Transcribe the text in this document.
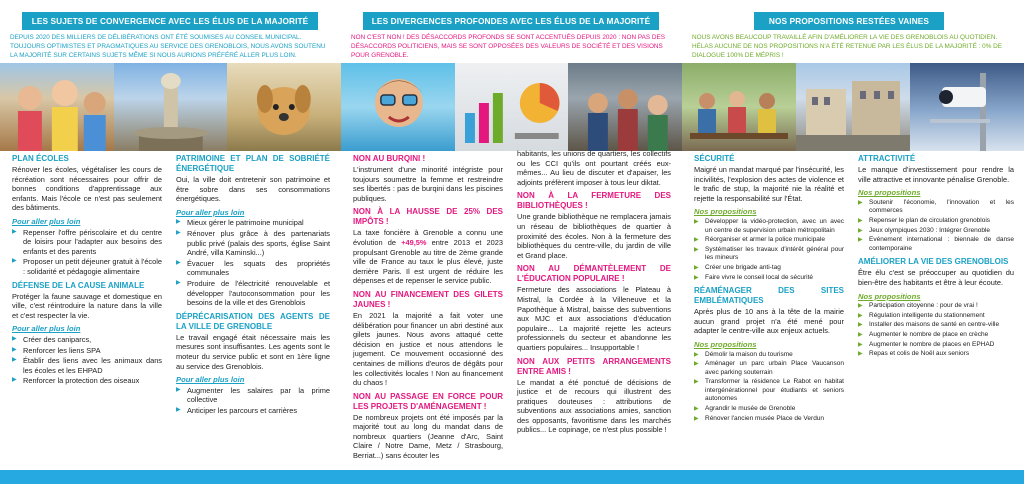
LES SUJETS DE CONVERGENCE AVEC LES ÉLUS DE LA MAJORITÉ
DEPUIS 2020 DES MILLIERS DE DÉLIBÉRATIONS ONT ÉTÉ SOUMISES AU CONSEIL MUNICIPAL. TOUJOURS OPTIMISTES ET PRAGMATIQUES AU SERVICE DES GRENOBLOIS, NOUS AVONS SOUTENU LA MAJORITÉ SUR CERTAINS SUJETS MÊME SI NOUS AURIONS PRÉFÉRÉ ALLER PLUS LOIN.
PLAN ÉCOLES

Rénover les écoles, végétaliser les cours de récréation sont nécessaires pour offrir de bonnes conditions d'apprentissage aux enfants. Mais l'école ce n'est pas seulement des bâtiments.

Pour aller plus loin
▶ Repenser l'offre périscolaire et du centre de loisirs pour l'adapter aux besoins des enfants et des parents
▶ Proposer un petit déjeuner gratuit à l'école : solidarité et pédagogie alimentaire
DÉFENSE DE LA CAUSE ANIMALE

Protéger la faune sauvage et domestique en ville, c'est réintroduire la nature dans la ville et c'est respecter la vie.

Pour aller plus loin
▶ Créer des caniparcs,
▶ Renforcer les liens SPA
▶ Établir des liens avec les animaux dans les écoles et les EHPAD
▶ Renforcer la protection des oiseaux
PATRIMOINE ET PLAN DE SOBRIÉTÉ ÉNERGÉTIQUE

Oui, la ville doit entretenir son patrimoine et être sobre dans ses consommations énergétiques.

Pour aller plus loin
▶ Mieux gérer le patrimoine municipal
▶ Rénover plus grâce à des partenariats public privé (palais des sports, église Saint André, villa Kaminski...)
▶ Évacuer les squats des propriétés communales
▶ Produire de l'électricité renouvelable et développer l'autoconsommation pour les besoins de la ville et des Grenoblois
DÉPRÉCARISATION DES AGENTS DE LA VILLE DE GRENOBLE

Le travail engagé était nécessaire mais les mesures sont insuffisantes. Les agents sont le moteur du service public et sont en 1ère ligne au service des Grenoblois.

Pour aller plus loin
▶ Augmenter les salaires par la prime collective
▶ Anticiper les parcours et carrières
LES DIVERGENCES PROFONDES AVEC LES ÉLUS DE LA MAJORITÉ
NON C'EST NON ! DES DÉSACCORDS PROFONDS SE SONT ACCENTUÉS DEPUIS 2020 : NON PAS DES DÉSACCORDS POLITICIENS, MAIS SE SONT OPPOSÉES DES VALEURS DE SOCIÉTÉ ET DES VISIONS POUR GRENOBLE.
NON AU BURQINI !

L'instrument d'une minorité intégriste pour toujours soumettre la femme et restreindre ses libertés : pas de burqini dans les piscines publiques.

NON À LA HAUSSE DE 25% DES IMPÔTS !

La taxe foncière à Grenoble a connu une évolution de +49,5% entre 2013 et 2023 propulsant Grenoble au titre de 2ème grande ville de France au taux le plus élevé, juste derrière Paris. Il est urgent de réduire les dépenses et de repenser le service public.

NON AU FINANCEMENT DES GILETS JAUNES !

En 2021 la majorité a fait voter une délibération pour financer un abri destiné aux gilets jaunes. Nous avons attaqué cette décision en justice et nous attendons le jugement. Ce mouvement occasionné des centaines de millions d'euros de dégâts pour les collectivités locales ! Non au financement du chaos !

NON AU PASSAGE EN FORCE POUR LES PROJETS D'AMÉNAGEMENT !

De nombreux projets ont été imposés par la majorité tout au long du mandat dans de nombreux quartiers (Jeanne d'Arc, Saint Claire / Notre Dame, Metz / Strasbourg, Berriat...) sans écouter les

habitants, les unions de quartiers, les collectifs ou les CCI qu'ils ont pourtant créés eux-mêmes... Au lieu de discuter et d'apaiser, les adjoints préfèrent imposer à tous leur diktat.

NON À LA FERMETURE DES BIBLIOTHÈQUES !

Une grande bibliothèque ne remplacera jamais un réseau de bibliothèques de quartier à proximité des écoles. Non à la fermeture des bibliothèques du centre-ville, du jardin de ville et Grand place.

NON AU DÉMANTÈLEMENT DE L'ÉDUCATION POPULAIRE !

Fermeture des associations le Plateau à Mistral, la Cordée à la Villeneuve et la Papothèque à Mistral, baisse des subventions aux MJC et aux associations d'éducation populaire... La majorité rejette les acteurs professionnels du secteur et abandonne les quartiers populaires... Insupportable !

NON AUX PETITS ARRANGEMENTS ENTRE AMIS !

Le mandat a été ponctué de décisions de justice et de recours qui illustrent des pratiques douteuses : attributions de subventions aux associations amies, sanction des opposants, favoritisme dans les marchés publics... Le copinage, ce n'est plus possible !

NOS PROPOSITIONS RESTÉES VAINES
NOUS AVONS BEAUCOUP TRAVAILLÉ AFIN D'AMÉLIORER LA VIE DES GRENOBLOIS AU QUOTIDIEN. HÉLAS AUCUNE DE NOS PROPOSITIONS N'A ÉTÉ RETENUE PAR LES ÉLUS DE LA MAJORITÉ : 0% DE DIALOGUE 100% DE MÉPRIS !
SÉCURITÉ

Maigré un mandat marqué par l'insécurité, les incivilités, l'explosion des actes de violence et le trafic de stup, la majorité nie la réalité et rejette la responsabilité sur l'État.

Nos propositions
▶ Développer la vidéo-protection, avec un avec un centre de supervision urbain métropolitain
▶ Réorganiser et armer la police municipale
▶ Systématiser les travaux d'intérêt général pour les mineurs
▶ Créer une brigade anti-tag
▶ Faire vivre le conseil local de sécurité
RÉAMÉNAGER DES SITES EMBLÉMATIQUES

Après plus de 10 ans à la tête de la mairie aucun grand projet n'a été mené pour adapter le centre-ville aux enjeux actuels.

Nos propositions
▶ Démolir la maison du tourisme
▶ Aménager un parc urbain Place Vaucanson avec parking souterrain
▶ Transformer la résidence Le Rabot en habitat intergénérationnel pour étudiants et seniors autonomes
▶ Agrandir le musée de Grenoble
▶ Rénover l'ancien musée Place de Verdun
ATTRACTIVITÉ

Le manque d'investissement pour rendre la ville attractive et innovante pénalise Grenoble.

Nos propositions
▶ Soutenir l'économie, l'innovation et les commerces
▶ Repenser le plan de circulation grenoblois
▶ Jeux olympiques 2030 : Intégrer Grenoble
▶ Evénement international : biennale de danse contemporaine
AMÉLIORER LA VIE DES GRENOBLOIS

Être élu c'est se préoccuper au quotidien du bien-être des habitants et être à leur écoute.

Nos propositions
▶ Participation citoyenne : pour de vrai !
▶ Régulation intelligente du stationnement
▶ Installer des maisons de santé en centre-ville
▶ Augmenter le nombre de place en crèche
▶ Augmenter le nombre de places en EPHAD
▶ Repas et colis de Noël aux seniors
